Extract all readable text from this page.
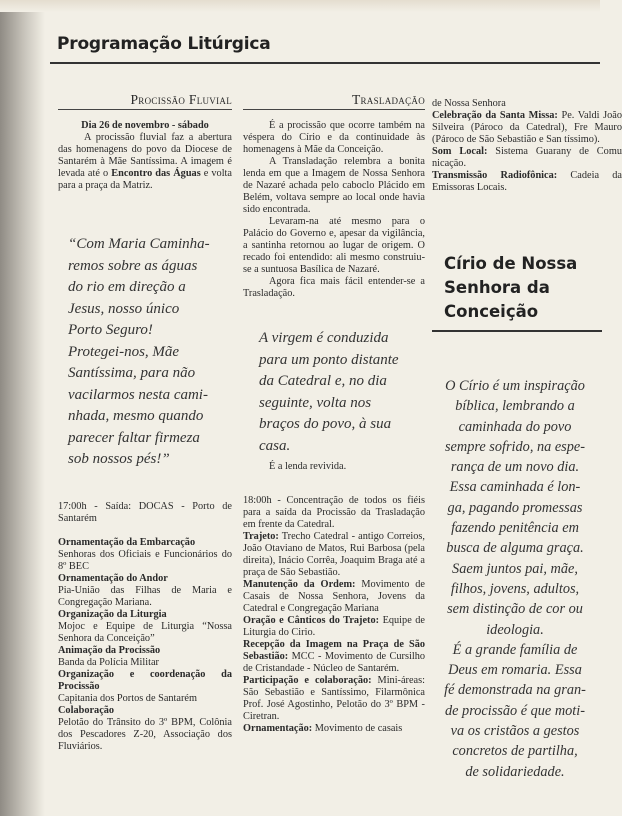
Programação Litúrgica
Procissão Fluvial

Dia 26 de novembro - sábado

A procissão fluvial faz a abertura das homenagens do povo da Diocese de Santarém à Mãe Santíssima. A imagem é levada até o Encontro das Águas e volta para a praça da Matriz.

“Com Maria Caminha-
remos sobre as águas
do rio em direção a
Jesus, nosso único
Porto Seguro!
Protegei-nos, Mãe
Santíssima, para não
vacilarmos nesta cami-
nhada, mesmo quando
parecer faltar firmeza
sob nossos pés!”

17:00h - Saída: DOCAS - Porto de Santarém

Ornamentação da Embarcação
Senhoras dos Oficiais e Funcionários do 8º BEC

Ornamentação do Andor
Pia-União das Filhas de Maria e Congregação Mariana.

Organização da Liturgia
Mojoc e Equipe de Liturgia “Nossa Senhora da Conceição”

Animação da Procissão
Banda da Polícia Militar

Organização e coordenação da Procissão
Capitania dos Portos de Santarém

Colaboração
Pelotão do Trânsito do 3º BPM, Colônia dos Pescadores Z-20, Associação dos Fluviários.

Trasladação

É a procissão que ocorre também na véspera do Círio e da continuidade às homenagens à Mãe da Conceição.

A Transladação relembra a bonita lenda em que a Imagem de Nossa Senhora de Nazaré achada pelo caboclo Plácido em Belém, voltava sempre ao local onde havia sido encontrada.

Levaram-na até mesmo para o Palácio do Governo e, apesar da vigilância, a santinha retornou ao lugar de origem. O recado foi entendido: ali mesmo construiu-se a suntuosa Basílica de Nazaré.

Agora fica mais fácil entender-se a Trasladação.

A virgem é conduzida
para um ponto distante
da Catedral e, no dia
seguinte, volta nos
braços do povo, à sua
casa.

É a lenda revivida.

18:00h - Concentração de todos os fiéis para a saída da Procissão da Trasladação em frente da Catedral.

Trajeto: Trecho Catedral - antigo Correios, João Otaviano de Matos, Rui Barbosa (pela direita), Inácio Corrêa, Joaquim Braga até a praça de São Sebastião.

Manutenção da Ordem: Movimento de Casais de Nossa Senhora, Jovens da Catedral e Congregação Mariana

Oração e Cânticos do Trajeto: Equipe de Liturgia do Cirio.

Recepção da Imagem na Praça de São Sebastião: MCC - Movimento de Cursilho de Cristandade - Núcleo de Santarém.

Participação e colaboração: Mini-áreas: São Sebastião e Santíssimo, Filarmônica Prof. José Agostinho, Pelotão do 3º BPM - Ciretran.

Ornamentação: Movimento de casais

de Nossa Senhora

Celebração da Santa Missa: Pe. Valdi João Silveira (Pároco da Catedral), Fre Mauro (Pároco de São Sebastião e San tíssimo).

Som Local: Sistema Guarany de Comu nicação.

Transmissão Radiofônica: Cadeia da Emissoras Locais.

Círio de Nossa Senhora da Conceição
O Círio é um inspiração
bíblica, lembrando a
caminhada do povo
sempre sofrido, na espe-
rança de um novo dia.
Essa caminhada é lon-
ga, pagando promessas
fazendo penitência em
busca de alguma graça.
Saem juntos pai, mãe,
filhos, jovens, adultos,
sem distinção de cor ou
ideologia.
É a grande família de
Deus em romaria. Essa
fé demonstrada na gran-
de procissão é que moti-
va os cristãos a gestos
concretos de partilha,
de solidariedade.
